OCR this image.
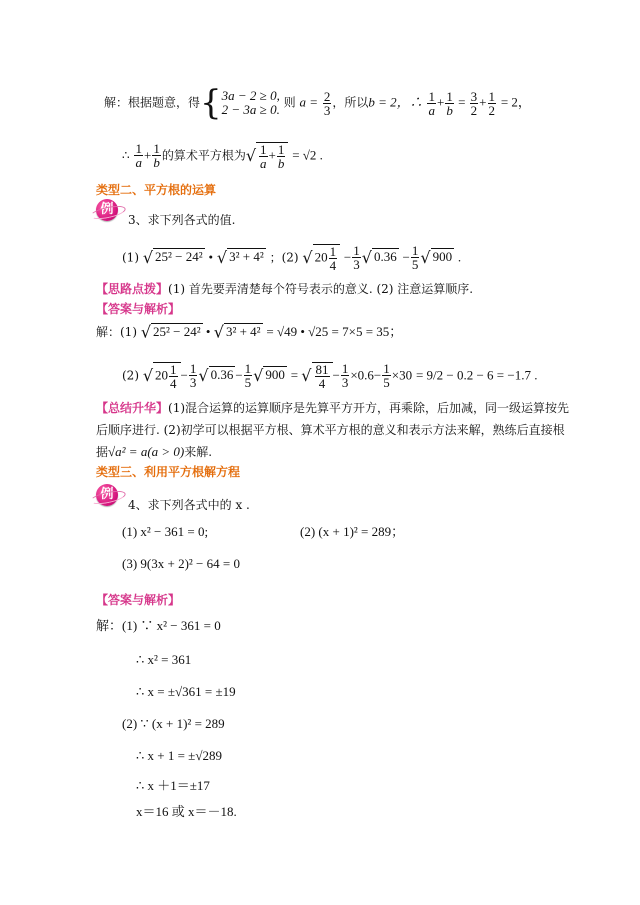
解：根据题意，得{3a − 2 ≥ 0,
2 − 3a ≥ 0. 则 $a = \frac{2}{3}$ ，所以b = 2，∴ $\frac{1}{a} + \frac{1}{b} = \frac{3}{2} + \frac{1}{2} = 2$，
∴ $\frac{1}{a} + \frac{1}{b}$ 的算术平方根为√ $\frac{1}{a} + \frac{1}{b} = √2$ .
类型二、平方根的运算
例
3、求下列各式的值.
(1) √ 25² − 24² • √ 3² + 4² ；(2) √ $20 \frac{1}{4} - \frac{1}{3}$ √ $0.36 - \frac{1}{5}$ √ 900 .
【思路点拨】(1) 首先要弄清楚每个符号表示的意义. (2) 注意运算顺序.
【答案与解析】
解：(1) √ 25² − 24² • √ 3² + 4² = √49 • √25 = 7×5 = 35；
(2) √ $20 \frac{1}{4} - \frac{1}{3}$ √ $0.36 - \frac{1}{5}$ √ 900 = √ $\frac{81}{4} - \frac{1}{3} \times 0.6- \frac{1}{5} \times 30 = 9/2 - 0.2 - 6 = -1.7$ .
【总结升华】(1)混合运算的运算顺序是先算平方开方，再乘除，后加减，同一级运算按先
后顺序进行. (2)初学可以根据平方根、算术平方根的意义和表示方法来解，熟练后直接根
据√a² = a(a > 0)来解.
类型三、利用平方根解方程
例
4、求下列各式中的 x .
(1) x² − 361 = 0;	(2) (x + 1)² = 289；
(3) 9(3x + 2)² − 64 = 0
【答案与解析】
解：(1) ∵ x² − 361 = 0
∴ x² = 361
∴ x = ±√361 = ±19
(2) ∵ (x + 1)² = 289
∴ x + 1 = ±√289
∴ x ＋1＝±17
x＝16 或 x＝－18.
